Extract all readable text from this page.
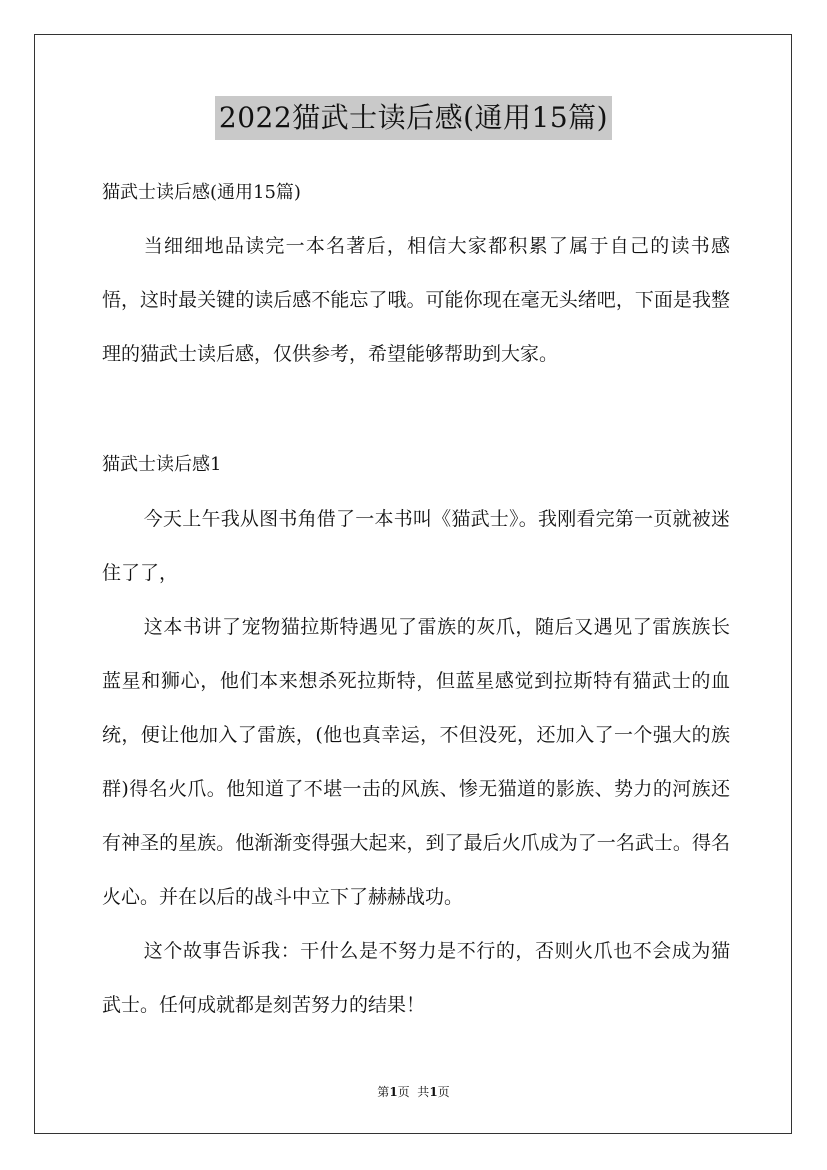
2022猫武士读后感(通用15篇)
猫武士读后感(通用15篇)

当细细地品读完一本名著后，相信大家都积累了属于自己的读书感悟，这时最关键的读后感不能忘了哦。可能你现在毫无头绪吧，下面是我整理的猫武士读后感，仅供参考，希望能够帮助到大家。

猫武士读后感1

今天上午我从图书角借了一本书叫《猫武士》。我刚看完第一页就被迷住了了，

这本书讲了宠物猫拉斯特遇见了雷族的灰爪，随后又遇见了雷族族长蓝星和狮心，他们本来想杀死拉斯特，但蓝星感觉到拉斯特有猫武士的血统，便让他加入了雷族，(他也真幸运，不但没死，还加入了一个强大的族群)得名火爪。他知道了不堪一击的风族、惨无猫道的影族、势力的河族还有神圣的星族。他渐渐变得强大起来，到了最后火爪成为了一名武士。得名火心。并在以后的战斗中立下了赫赫战功。

这个故事告诉我：干什么是不努力是不行的，否则火爪也不会成为猫武士。任何成就都是刻苦努力的结果！

第1页  共1页
